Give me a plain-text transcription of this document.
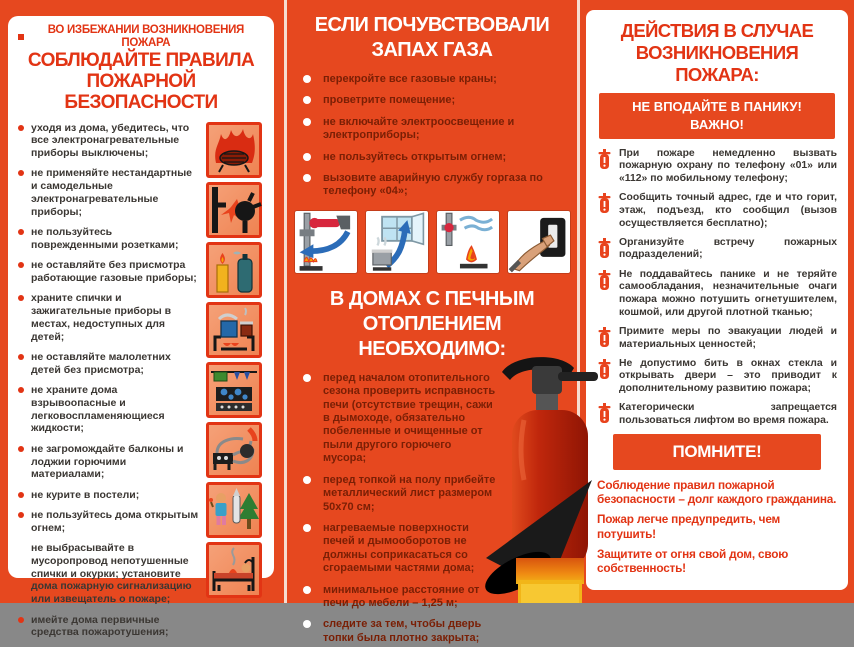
ВО ИЗБЕЖАНИИ ВОЗНИКНОВЕНИЯ ПОЖАРА
СОБЛЮДАЙТЕ ПРАВИЛА
ПОЖАРНОЙ БЕЗОПАСНОСТИ
уходя из дома, убедитесь, что все электронагревательные приборы выключены;
не применяйте нестандартные и самодельные электронагревательные приборы;
не пользуйтесь поврежденными розетками;
не оставляйте без присмотра работающие газовые приборы;
храните спички и зажигательные приборы в местах, недоступных для детей;
не оставляйте малолетних детей без присмотра;
не храните дома взрывоопасные и легковоспламеняющиеся жидкости;
не загромождайте балконы и лоджии горючими материалами;
не курите в постели;
не пользуйтесь дома открытым огнем;
не выбрасывайте в мусоропровод непотушенные спички и окурки; установите дома пожарную сигнализацию или извещатель о пожаре;
имейте дома первичные средства пожаротушения;
ЕСЛИ ПОЧУВСТВОВАЛИ
ЗАПАХ ГАЗА
перекройте все газовые краны;
проветрите помещение;
не включайте электроосвещение и электроприборы;
не пользуйтесь открытым огнем;
вызовите аварийную службу горгаза по телефону «04»;
В ДОМАХ С ПЕЧНЫМ
ОТОПЛЕНИЕМ НЕОБХОДИМО:
перед началом отопительного сезона проверить исправность печи (отсутствие трещин, сажи в дымоходе, обязательно побеленные и очищенные от пыли другого горючего мусора;
перед топкой на полу прибейте металлический лист размером 50x70 см;
нагреваемые поверхности печей и дымооборотов не должны соприкасаться со сгораемыми частями дома;
минимальное расстояние от печи до мебели – 1,25 м;
следите за тем, чтобы дверь топки была плотно закрыта;
ДЕЙСТВИЯ В СЛУЧАЕ
ВОЗНИКНОВЕНИЯ ПОЖАРА:
НЕ ВПОДАЙТЕ В ПАНИКУ!
ВАЖНО!
При пожаре немедленно вызвать пожарную охрану по телефону «01» или «112» по мобильному телефону;
Сообщить точный адрес, где и что горит, этаж, подъезд, кто сообщил (вызов осуществляется бесплатно);
Организуйте встречу пожарных подразделений;
Не поддавайтесь панике и не теряйте самообладания, незначительные очаги пожара можно потушить огнетушителем, кошмой, или другой плотной тканью;
Примите меры по эвакуации людей и материальных ценностей;
Не допустимо бить в окнах стекла и открывать двери – это приводит к дополнительному развитию пожара;
Категорически запрещается пользоваться лифтом во время пожара.
ПОМНИТЕ!
Соблюдение правил пожарной безопасности – долг каждого гражданина.
Пожар легче предупредить, чем потушить!
Защитите от огня свой дом, свою собственность!
